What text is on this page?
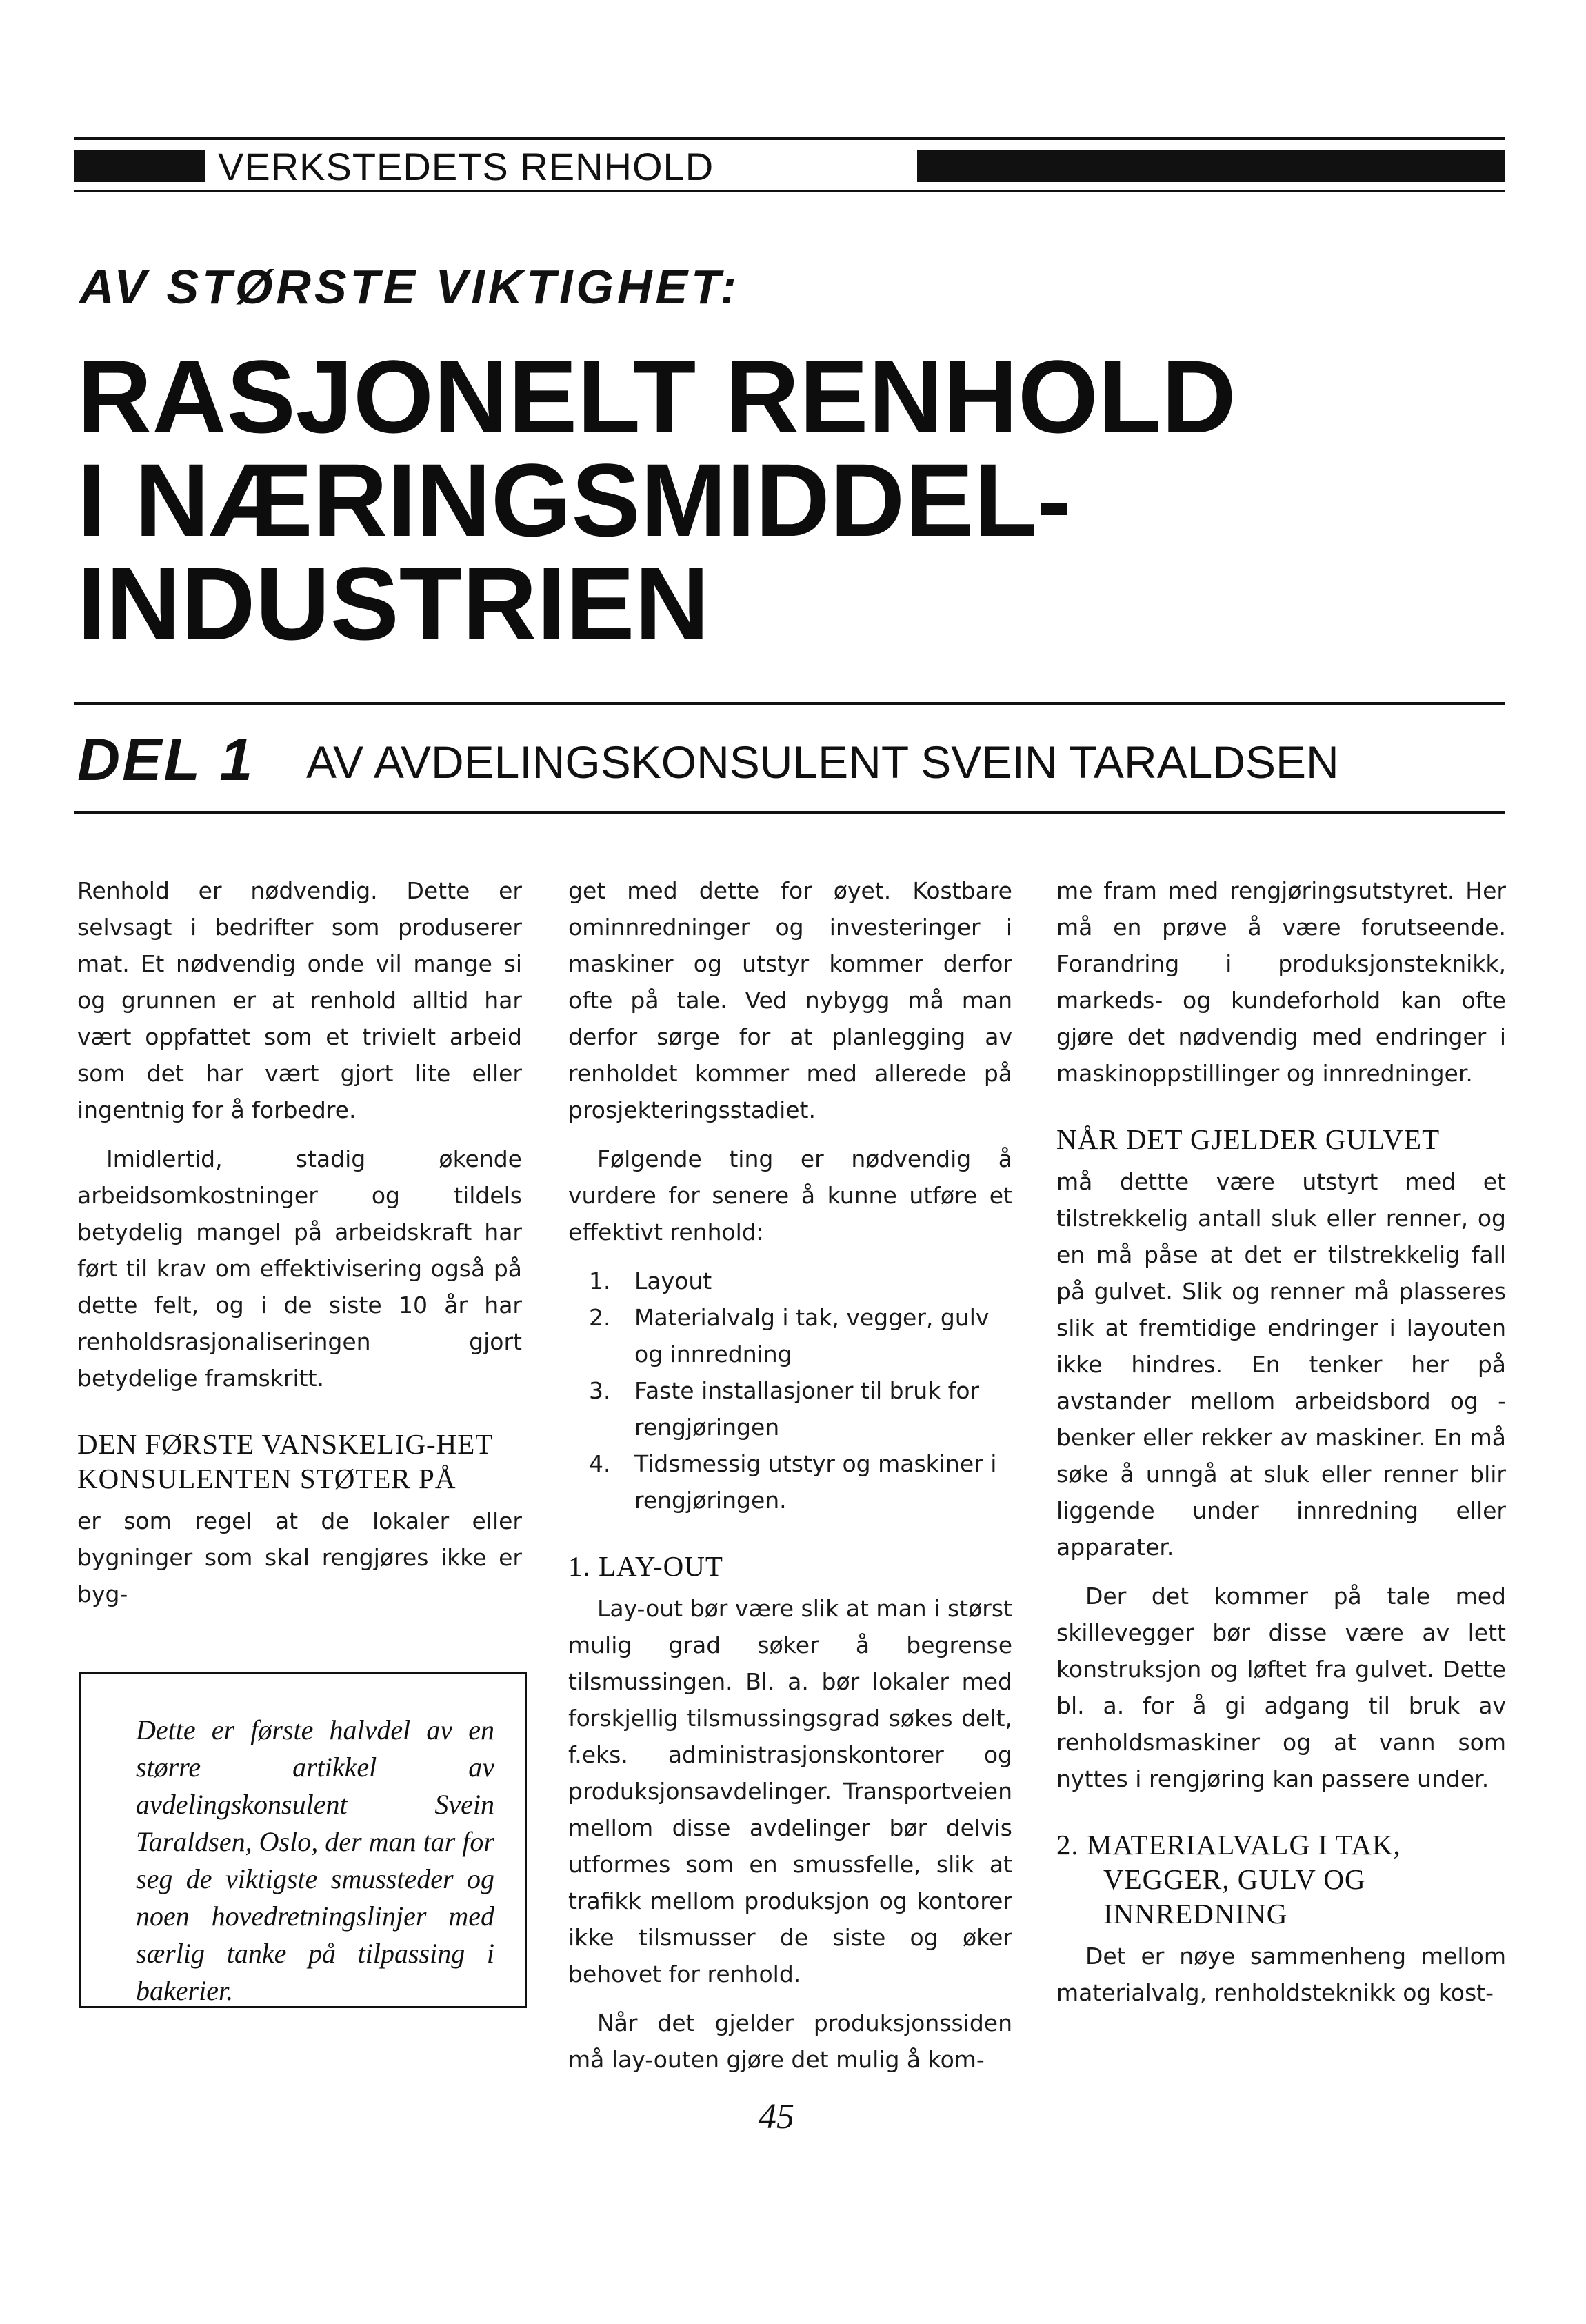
VERKSTEDETS RENHOLD
AV STØRSTE VIKTIGHET:
RASJONELT RENHOLD
I NÆRINGSMIDDEL-
INDUSTRIEN
DEL 1 AV AVDELINGSKONSULENT SVEIN TARALDSEN

Renhold er nødvendig. Dette er selvsagt i bedrifter som produserer mat. Et nødvendig onde vil mange si og grunnen er at renhold alltid har vært oppfattet som et trivielt arbeid som det har vært gjort lite eller ingentnig for å forbedre.

Imidlertid, stadig økende arbeidsomkostninger og tildels betydelig mangel på arbeidskraft har ført til krav om effektivisering også på dette felt, og i de siste 10 år har renholdsrasjonaliseringen gjort betydelige framskritt.

DEN FØRSTE VANSKELIG-HET KONSULENTEN STØTER PÅ

er som regel at de lokaler eller bygninger som skal rengjøres ikke er byg-

Dette er første halvdel av en større artikkel av avdelingskonsulent Svein Taraldsen, Oslo, der man tar for seg de viktigste smussteder og noen hovedretningslinjer med særlig tanke på tilpassing i bakerier.

get med dette for øyet. Kostbare ominnredninger og investeringer i maskiner og utstyr kommer derfor ofte på tale. Ved nybygg må man derfor sørge for at planlegging av renholdet kommer med allerede på prosjekteringsstadiet.

Følgende ting er nødvendig å vurdere for senere å kunne utføre et effektivt renhold:

1. Layout
2. Materialvalg i tak, vegger, gulv og innredning
3. Faste installasjoner til bruk for rengjøringen
4. Tidsmessig utstyr og maskiner i rengjøringen.
1. LAY-OUT

Lay-out bør være slik at man i størst mulig grad søker å begrense tilsmussingen. Bl. a. bør lokaler med forskjellig tilsmussingsgrad søkes delt, f.eks. administrasjonskontorer og produksjonsavdelinger. Transportveien mellom disse avdelinger bør delvis utformes som en smussfelle, slik at trafikk mellom produksjon og kontorer ikke tilsmusser de siste og øker behovet for renhold.

Når det gjelder produksjonssiden må lay-outen gjøre det mulig å kom-

me fram med rengjøringsutstyret. Her må en prøve å være forutseende. Forandring i produksjonsteknikk, markeds- og kundeforhold kan ofte gjøre det nødvendig med endringer i maskinoppstillinger og innredninger.

NÅR DET GJELDER GULVET

må dettte være utstyrt med et tilstrekkelig antall sluk eller renner, og en må påse at det er tilstrekkelig fall på gulvet. Slik og renner må plasseres slik at fremtidige endringer i layouten ikke hindres. En tenker her på avstander mellom arbeidsbord og -benker eller rekker av maskiner. En må søke å unngå at sluk eller renner blir liggende under innredning eller apparater.

Der det kommer på tale med skillevegger bør disse være av lett konstruksjon og løftet fra gulvet. Dette bl. a. for å gi adgang til bruk av renholdsmaskiner og at vann som nyttes i rengjøring kan passere under.

2. MATERIALVALG I TAK, VEGGER, GULV OG INNREDNING

Det er nøye sammenheng mellom materialvalg, renholdsteknikk og kost-

45
